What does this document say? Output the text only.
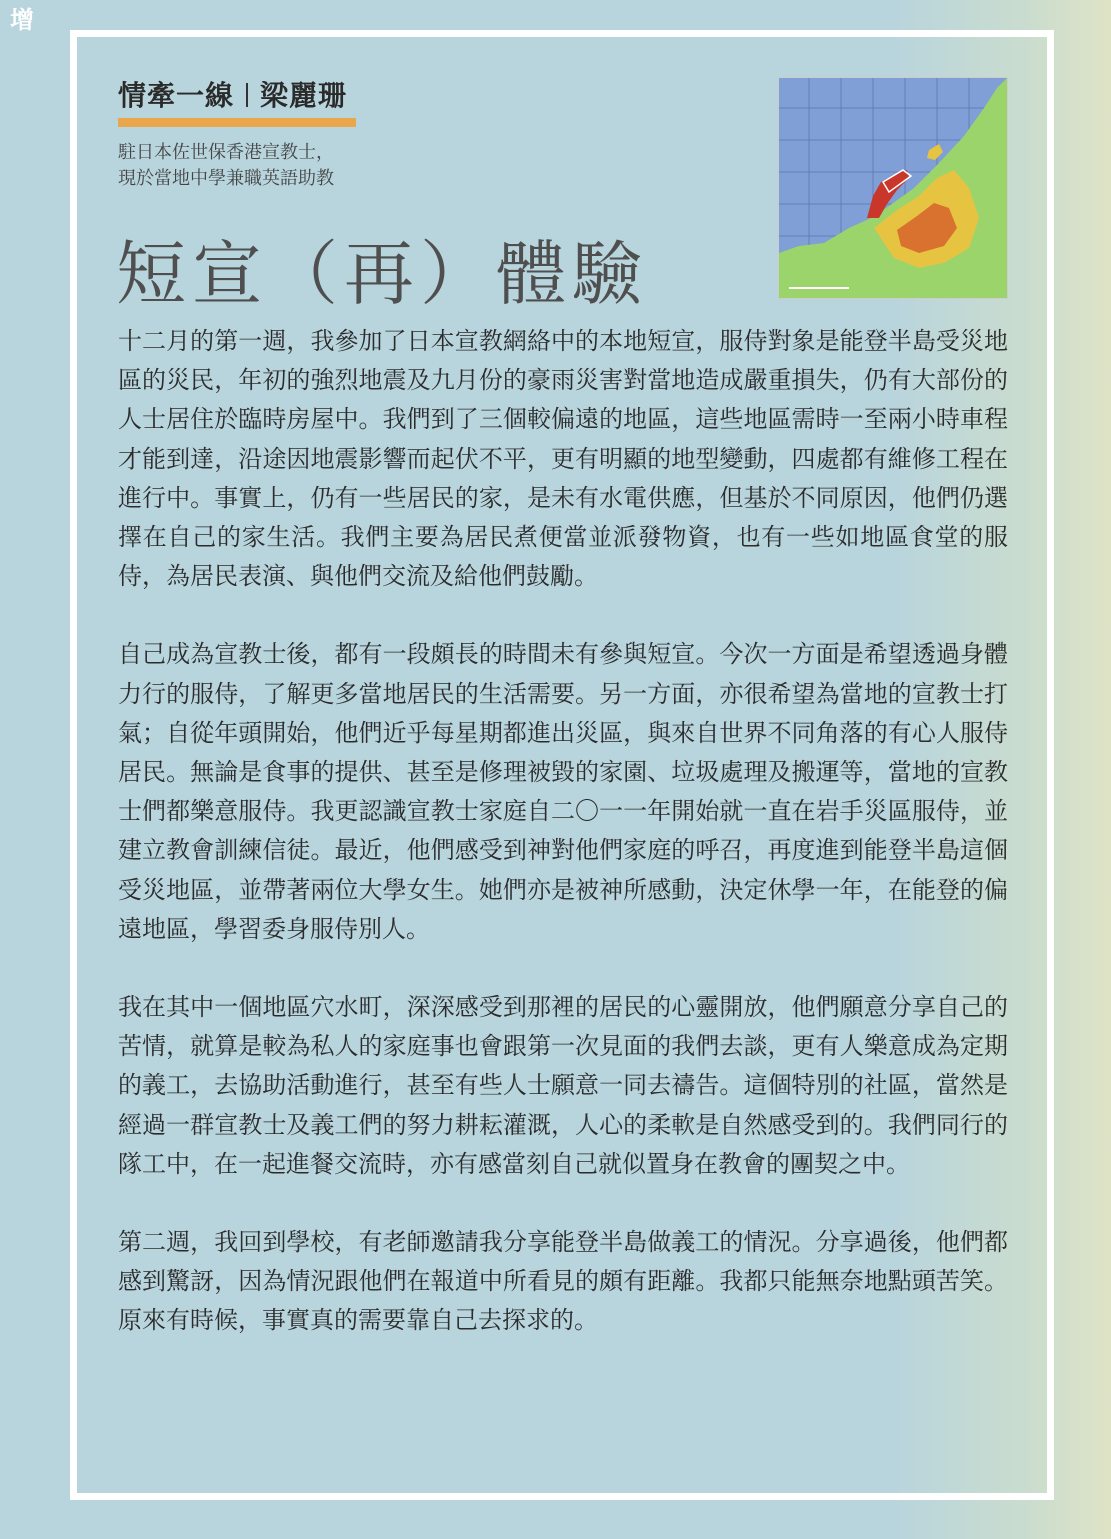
增
情牽一線 梁麗珊
駐日本佐世保香港宣教士，
現於當地中學兼職英語助教
短宣（再）體驗

十二月的第一週，我參加了日本宣教網絡中的本地短宣，服侍對象是能登半島受災地區的災民，年初的強烈地震及九月份的豪雨災害對當地造成嚴重損失，仍有大部份的人士居住於臨時房屋中。我們到了三個較偏遠的地區，這些地區需時一至兩小時車程才能到達，沿途因地震影響而起伏不平，更有明顯的地型變動，四處都有維修工程在進行中。事實上，仍有一些居民的家，是未有水電供應，但基於不同原因，他們仍選擇在自己的家生活。我們主要為居民煮便當並派發物資，也有一些如地區食堂的服侍，為居民表演、與他們交流及給他們鼓勵。

自己成為宣教士後，都有一段頗長的時間未有參與短宣。今次一方面是希望透過身體力行的服侍，了解更多當地居民的生活需要。另一方面，亦很希望為當地的宣教士打氣；自從年頭開始，他們近乎每星期都進出災區，與來自世界不同角落的有心人服侍居民。無論是食事的提供、甚至是修理被毀的家園、垃圾處理及搬運等，當地的宣教士們都樂意服侍。我更認識宣教士家庭自二〇一一年開始就一直在岩手災區服侍，並建立教會訓練信徒。最近，他們感受到神對他們家庭的呼召，再度進到能登半島這個受災地區，並帶著兩位大學女生。她們亦是被神所感動，決定休學一年，在能登的偏遠地區，學習委身服侍別人。

我在其中一個地區穴水町，深深感受到那裡的居民的心靈開放，他們願意分享自己的苦情，就算是較為私人的家庭事也會跟第一次見面的我們去談，更有人樂意成為定期的義工，去協助活動進行，甚至有些人士願意一同去禱告。這個特別的社區，當然是經過一群宣教士及義工們的努力耕耘灌溉，人心的柔軟是自然感受到的。我們同行的隊工中，在一起進餐交流時，亦有感當刻自己就似置身在教會的團契之中。

第二週，我回到學校，有老師邀請我分享能登半島做義工的情況。分享過後，他們都感到驚訝，因為情況跟他們在報道中所看見的頗有距離。我都只能無奈地點頭苦笑。原來有時候，事實真的需要靠自己去探求的。
